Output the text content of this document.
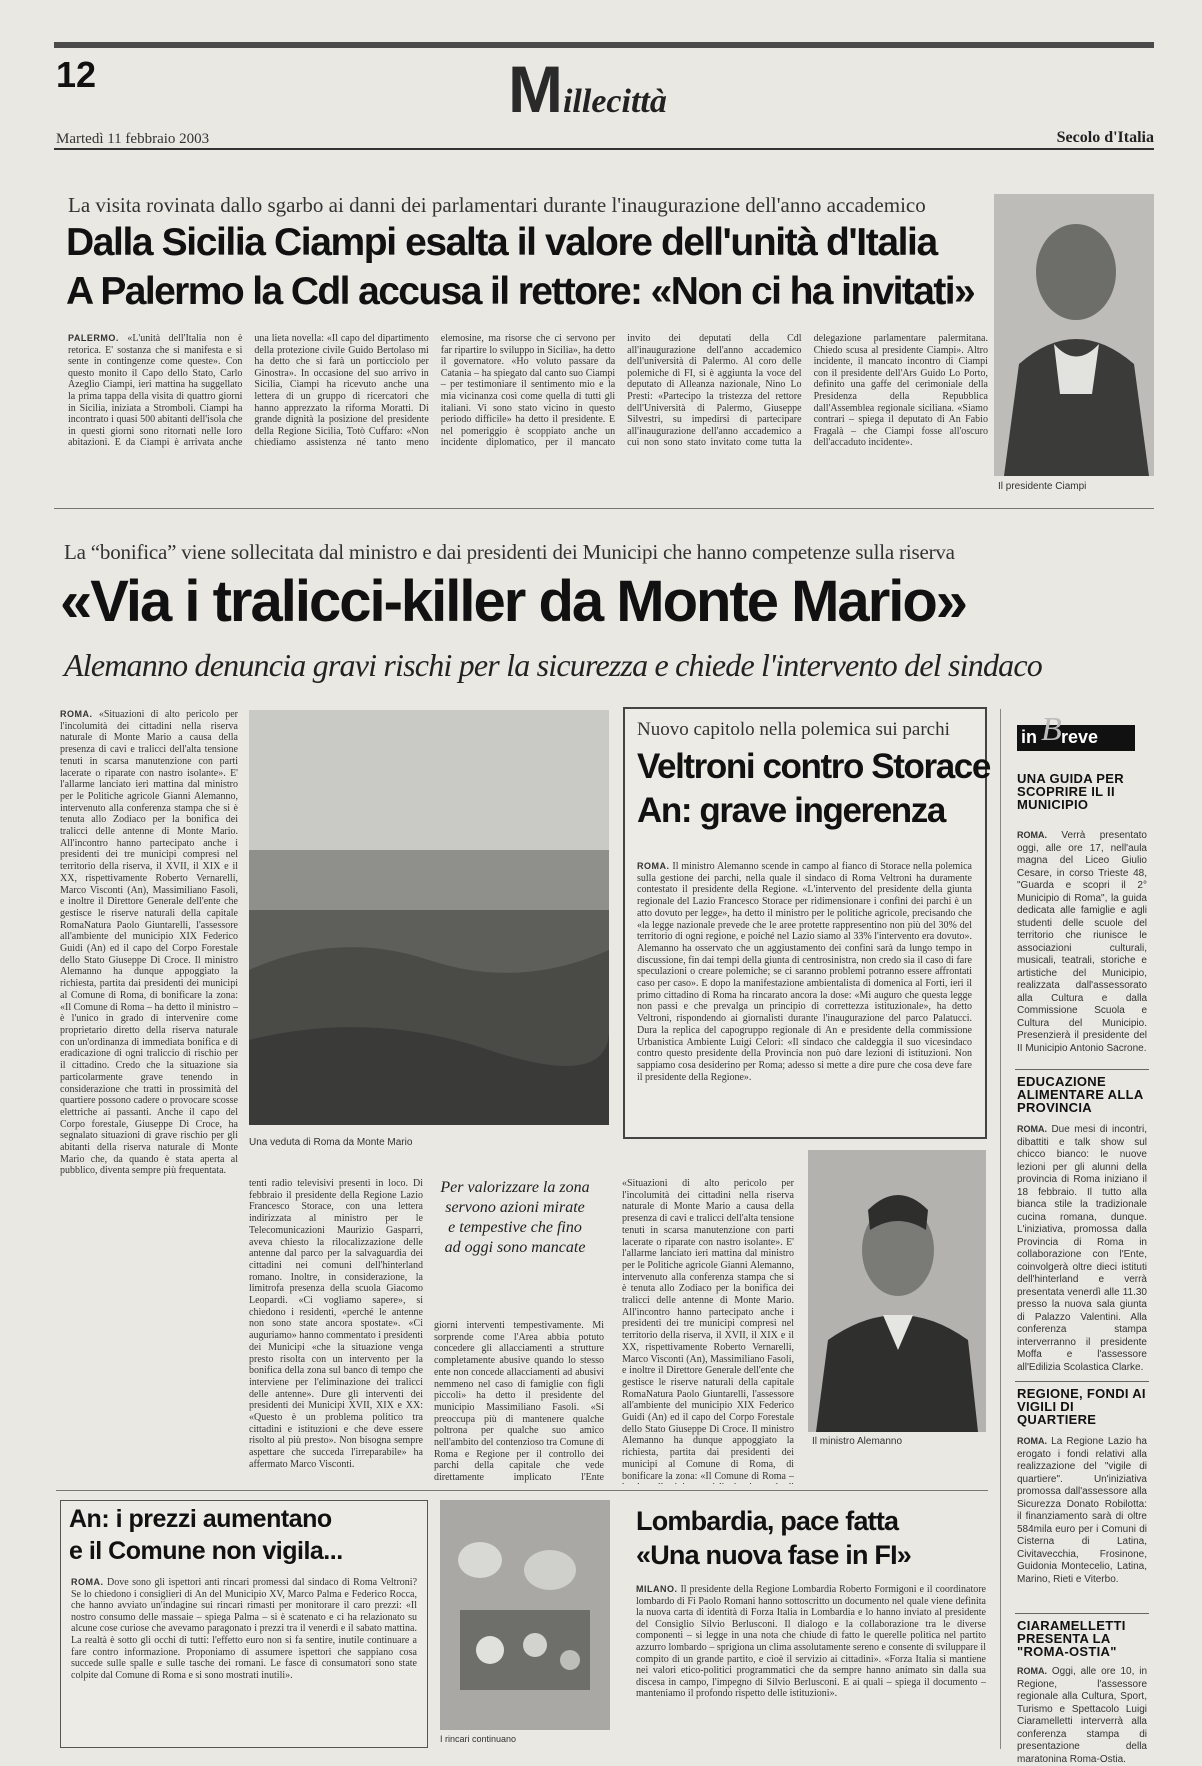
12	Millecittà
Martedì 11 febbraio 2003	Secolo d'Italia
La visita rovinata dallo sgarbo ai danni dei parlamentari durante l'inaugurazione dell'anno accademico
Dalla Sicilia Ciampi esalta il valore dell'unità d'Italia
A Palermo la Cdl accusa il rettore: «Non ci ha invitati»
PALERMO. «L'unità dell'Italia non è retorica. E' sostanza che si manifesta e si sente in contingenze come queste». Con questo monito il Capo dello Stato, Carlo Azeglio Ciampi, ieri mattina ha suggellato la prima tappa della visita di quattro giorni in Sicilia, iniziata a Stromboli. Ciampi ha incontrato i quasi 500 abitanti dell'isola che in questi giorni sono ritornati nelle loro abitazioni. E da Ciampi è arrivata anche una lieta novella: «Il capo del dipartimento della protezione civile Guido Bertolaso mi ha detto che si farà un porticciolo per Ginostra». In occasione del suo arrivo in Sicilia, Ciampi ha ricevuto anche una lettera di un gruppo di ricercatori che hanno apprezzato la riforma Moratti. Di grande dignità la posizione del presidente della Regione Sicilia, Totò Cuffaro: «Non chiediamo assistenza né tanto meno elemosine, ma risorse che ci servono per far ripartire lo sviluppo in Sicilia», ha detto il governatore. «Ho voluto passare da Catania – ha spiegato dal canto suo Ciampi – per testimoniare il sentimento mio e la mia vicinanza così come quella di tutti gli italiani. Vi sono stato vicino in questo periodo difficile» ha detto il presidente. E nel pomeriggio è scoppiato anche un incidente diplomatico, per il mancato invito dei deputati della Cdl all'inaugurazione dell'anno accademico dell'università di Palermo. Al coro delle polemiche di FI, si è aggiunta la voce del deputato di Alleanza nazionale, Nino Lo Presti: «Partecipo la tristezza del rettore dell'Università di Palermo, Giuseppe Silvestri, su impedirsi di partecipare all'inaugurazione dell'anno accademico a cui non sono stato invitato come tutta la delegazione parlamentare palermitana. Chiedo scusa al presidente Ciampi». Altro incidente, il mancato incontro di Ciampi con il presidente dell'Ars Guido Lo Porto, definito una gaffe del cerimoniale della Presidenza della Repubblica dall'Assemblea regionale siciliana. «Siamo contrari – spiega il deputato di An Fabio Fragalà – che Ciampi fosse all'oscuro dell'accaduto incidente».
Il presidente Ciampi
La “bonifica” viene sollecitata dal ministro e dai presidenti dei Municipi che hanno competenze sulla riserva
«Via i tralicci-killer da Monte Mario»
Alemanno denuncia gravi rischi per la sicurezza e chiede l'intervento del sindaco
ROMA. «Situazioni di alto pericolo per l'incolumità dei cittadini nella riserva naturale di Monte Mario a causa della presenza di cavi e tralicci dell'alta tensione tenuti in scarsa manutenzione con parti lacerate o riparate con nastro isolante». E' l'allarme lanciato ieri mattina dal ministro per le Politiche agricole Gianni Alemanno, intervenuto alla conferenza stampa che si è tenuta allo Zodiaco per la bonifica dei tralicci delle antenne di Monte Mario. All'incontro hanno partecipato anche i presidenti dei tre municipi compresi nel territorio della riserva, il XVII, il XIX e il XX, rispettivamente Roberto Vernarelli, Marco Visconti (An), Massimiliano Fasoli, e inoltre il Direttore Generale dell'ente che gestisce le riserve naturali della capitale RomaNatura Paolo Giuntarelli, l'assessore all'ambiente del municipio XIX Federico Guidi (An) ed il capo del Corpo Forestale dello Stato Giuseppe Di Croce. Il ministro Alemanno ha dunque appoggiato la richiesta, partita dai presidenti dei municipi al Comune di Roma, di bonificare la zona: «Il Comune di Roma – ha detto il ministro – è l'unico in grado di intervenire come proprietario diretto della riserva naturale con un'ordinanza di immediata bonifica e di eradicazione di ogni traliccio di rischio per il cittadino. Credo che la situazione sia particolarmente grave tenendo in considerazione che tratti in prossimità del quartiere possono cadere o provocare scosse elettriche ai passanti. Anche il capo del Corpo forestale, Giuseppe Di Croce, ha segnalato situazioni di grave rischio per gli abitanti della riserva naturale di Monte Mario che, da quando è stata aperta al pubblico, diventa sempre più frequentata.
Una veduta di Roma da Monte Mario
Nuovo capitolo nella polemica sui parchi
Veltroni contro Storace
An: grave ingerenza
ROMA. Il ministro Alemanno scende in campo al fianco di Storace nella polemica sulla gestione dei parchi, nella quale il sindaco di Roma Veltroni ha duramente contestato il presidente della Regione. «L'intervento del presidente della giunta regionale del Lazio Francesco Storace per ridimensionare i confini dei parchi è un atto dovuto per legge», ha detto il ministro per le politiche agricole, precisando che «la legge nazionale prevede che le aree protette rappresentino non più del 30% del territorio di ogni regione, e poiché nel Lazio siamo al 33% l'intervento era dovuto». Alemanno ha osservato che un aggiustamento dei confini sarà da lungo tempo in discussione, fin dai tempi della giunta di centrosinistra, non credo sia il caso di fare speculazioni o creare polemiche; se ci saranno problemi potranno essere affrontati caso per caso». E dopo la manifestazione ambientalista di domenica al Forti, ieri il primo cittadino di Roma ha rincarato ancora la dose: «Mi auguro che questa legge non passi e che prevalga un principio di correttezza istituzionale», ha detto Veltroni, rispondendo ai giornalisti durante l'inaugurazione del parco Palatucci. Dura la replica del capogruppo regionale di An e presidente della commissione Urbanistica Ambiente Luigi Celori: «Il sindaco che caldeggia il suo vicesindaco contro questo presidente della Provincia non può dare lezioni di istituzioni. Non sappiamo cosa desiderino per Roma; adesso si mette a dire pure che cosa deve fare il presidente della Regione».
tenti radio televisivi presenti in loco. Di febbraio il presidente della Regione Lazio Francesco Storace, con una lettera indirizzata al ministro per le Telecomunicazioni Maurizio Gasparri, aveva chiesto la rilocalizzazione delle antenne dal parco per la salvaguardia dei cittadini nei comuni dell'hinterland romano. Inoltre, in considerazione, la limitrofa presenza della scuola Giacomo Leopardi. «Ci vogliamo sapere», si chiedono i residenti, «perché le antenne non sono state ancora spostate». «Ci auguriamo» hanno commentato i presidenti dei Municipi «che la situazione venga presto risolta con un intervento per la bonifica della zona sul banco di tempo che interviene per l'eliminazione dei tralicci delle antenne». Dure gli interventi dei presidenti dei Municipi XVII, XIX e XX: «Questo è un problema politico tra cittadini e istituzioni e che deve essere risolto al più presto». Non bisogna sempre aspettare che succeda l'irreparabile» ha affermato Marco Visconti.
Per valorizzare la zona servono azioni mirate e tempestive che fino ad oggi sono mancate
giorni interventi tempestivamente. Mi sorprende come l'Area abbia potuto concedere gli allacciamenti a strutture completamente abusive quando lo stesso ente non concede allacciamenti ad abusivi nemmeno nel caso di famiglie con figli piccoli» ha detto il presidente del municipio Massimiliano Fasoli. «Si preoccupa più di mantenere qualche poltrona per qualche suo amico nell'ambito del contenzioso tra Comune di Roma e Regione per il controllo dei parchi della capitale che vede direttamente implicato l'Ente
«Situazioni di alto pericolo per l'incolumità dei cittadini nella riserva naturale di Monte Mario a causa della presenza di cavi e tralicci dell'alta tensione tenuti in scarsa manutenzione con parti lacerate o riparate con nastro isolante». E' l'allarme lanciato ieri mattina dal ministro per le Politiche agricole Gianni Alemanno, intervenuto alla conferenza stampa che si è tenuta allo Zodiaco per la bonifica dei tralicci delle antenne di Monte Mario. All'incontro hanno partecipato anche i presidenti dei tre municipi compresi nel territorio della riserva, il XVII, il XIX e il XX, rispettivamente Roberto Vernarelli, Marco Visconti (An), Massimiliano Fasoli, e inoltre il Direttore Generale dell'ente che gestisce le riserve naturali della capitale RomaNatura Paolo Giuntarelli, l'assessore all'ambiente del municipio XIX Federico Guidi (An) ed il capo del Corpo Forestale dello Stato Giuseppe Di Croce. Il ministro Alemanno ha dunque appoggiato la richiesta, partita dai presidenti dei municipi al Comune di Roma, di bonificare la zona: «Il Comune di Roma –
Il ministro Alemanno
An: i prezzi aumentano
e il Comune non vigila...
ROMA. Dove sono gli ispettori anti rincari promessi dal sindaco di Roma Veltroni? Se lo chiedono i consiglieri di An del Municipio XV, Marco Palma e Federico Rocca, che hanno avviato un'indagine sui rincari rimasti per monitorare il caro prezzi: «Il nostro consumo delle massaie – spiega Palma – si è scatenato e ci ha relazionato su alcune cose curiose che avevamo paragonato i prezzi tra il venerdì e il sabato mattina. La realtà è sotto gli occhi di tutti: l'effetto euro non si fa sentire, inutile continuare a fare contro informazione. Proponiamo di assumere ispettori che sappiano cosa succede sulle spalle e sulle tasche dei romani. Le fasce di consumatori sono state colpite dal Comune di Roma e si sono mostrati inutili».
I rincari continuano
Lombardia, pace fatta
«Una nuova fase in FI»
MILANO. Il presidente della Regione Lombardia Roberto Formigoni e il coordinatore lombardo di Fi Paolo Romani hanno sottoscritto un documento nel quale viene definita la nuova carta di identità di Forza Italia in Lombardia e lo hanno inviato al presidente del Consiglio Silvio Berlusconi. Il dialogo e la collaborazione tra le diverse componenti – si legge in una nota che chiude di fatto le querelle politica nel partito azzurro lombardo – sprigiona un clima assolutamente sereno e consente di sviluppare il compito di un grande partito, e cioè il servizio ai cittadini». «Forza Italia si mantiene nei valori etico-politici programmatici che da sempre hanno animato sin dalla sua discesa in campo, l'impegno di Silvio Berlusconi. E ai quali – spiega il documento – manteniamo il profondo rispetto delle istituzioni».
in B reve
UNA GUIDA PER SCOPRIRE IL II MUNICIPIO
ROMA. Verrà presentato oggi, alle ore 17, nell'aula magna del Liceo Giulio Cesare, in corso Trieste 48, "Guarda e scopri il 2° Municipio di Roma", la guida dedicata alle famiglie e agli studenti delle scuole del territorio che riunisce le associazioni culturali, musicali, teatrali, storiche e artistiche del Municipio, realizzata dall'assessorato alla Cultura e dalla Commissione Scuola e Cultura del Municipio. Presenzierà il presidente del II Municipio Antonio Sacrone.
EDUCAZIONE ALIMENTARE ALLA PROVINCIA
ROMA. Due mesi di incontri, dibattiti e talk show sul chicco bianco: le nuove lezioni per gli alunni della provincia di Roma iniziano il 18 febbraio. Il tutto alla bianca stile la tradizionale cucina romana, dunque. L'iniziativa, promossa dalla Provincia di Roma in collaborazione con l'Ente, coinvolgerà oltre dieci istituti dell'hinterland e verrà presentata venerdì alle 11.30 presso la nuova sala giunta di Palazzo Valentini. Alla conferenza stampa interverranno il presidente Moffa e l'assessore all'Edilizia Scolastica Clarke.
REGIONE, FONDI AI VIGILI DI QUARTIERE
ROMA. La Regione Lazio ha erogato i fondi relativi alla realizzazione del "vigile di quartiere". Un'iniziativa promossa dall'assessore alla Sicurezza Donato Robilotta: il finanziamento sarà di oltre 584mila euro per i Comuni di Cisterna di Latina, Civitavecchia, Frosinone, Guidonia Montecelio, Latina, Marino, Rieti e Viterbo.
CIARAMELLETTI PRESENTA LA "ROMA-OSTIA"
ROMA. Oggi, alle ore 10, in Regione, l'assessore regionale alla Cultura, Sport, Turismo e Spettacolo Luigi Ciaramelletti interverrà alla conferenza stampa di presentazione della maratonina Roma-Ostia.
